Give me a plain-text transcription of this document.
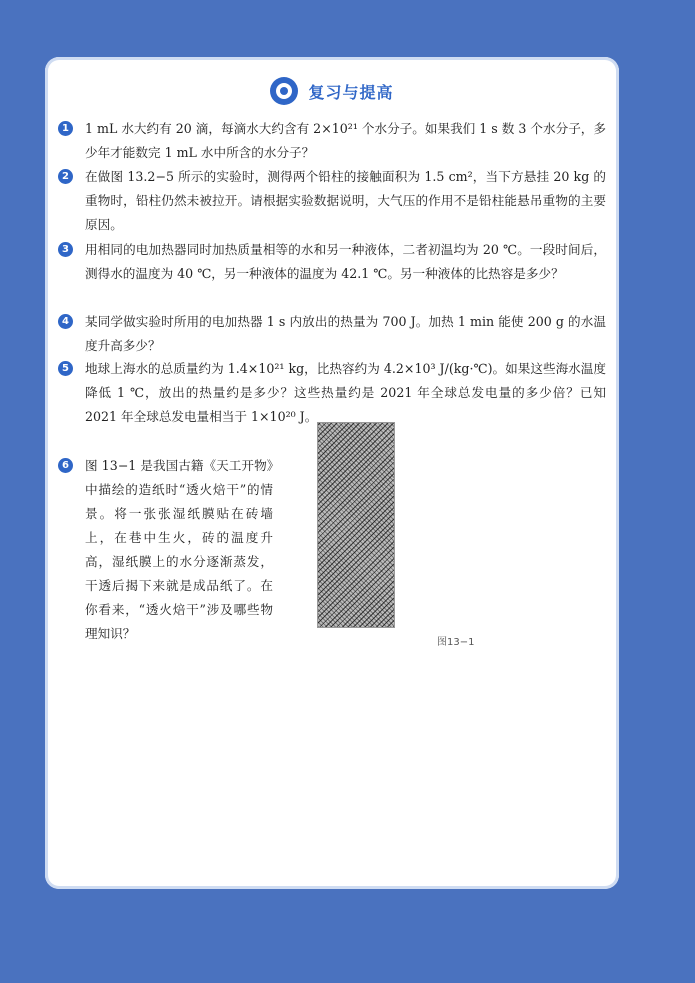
复习与提高
1	1 mL 水大约有 20 滴，每滴水大约含有 2×10²¹ 个水分子。如果我们 1 s 数 3 个水分子，多少年才能数完 1 mL 水中所含的水分子？
2	在做图 13.2−5 所示的实验时，测得两个铅柱的接触面积为 1.5 cm²，当下方悬挂 20 kg 的重物时，铅柱仍然未被拉开。请根据实验数据说明，大气压的作用不是铅柱能悬吊重物的主要原因。
3	用相同的电加热器同时加热质量相等的水和另一种液体，二者初温均为 20 ℃。一段时间后，测得水的温度为 40 ℃，另一种液体的温度为 42.1 ℃。另一种液体的比热容是多少？
4	某同学做实验时所用的电加热器 1 s 内放出的热量为 700 J。加热 1 min 能使 200 g 的水温度升高多少？
5	地球上海水的总质量约为 1.4×10²¹ kg，比热容约为 4.2×10³ J/(kg·℃)。如果这些海水温度降低 1 ℃，放出的热量约是多少？这些热量约是 2021 年全球总发电量的多少倍？已知 2021 年全球总发电量相当于 1×10²⁰ J。
6	图 13−1 是我国古籍《天工开物》中描绘的造纸时“透火焙干”的情景。将一张张湿纸膜贴在砖墙上，在巷中生火，砖的温度升高，湿纸膜上的水分逐渐蒸发，干透后揭下来就是成品纸了。在你看来，“透火焙干”涉及哪些物理知识？
图13−1
